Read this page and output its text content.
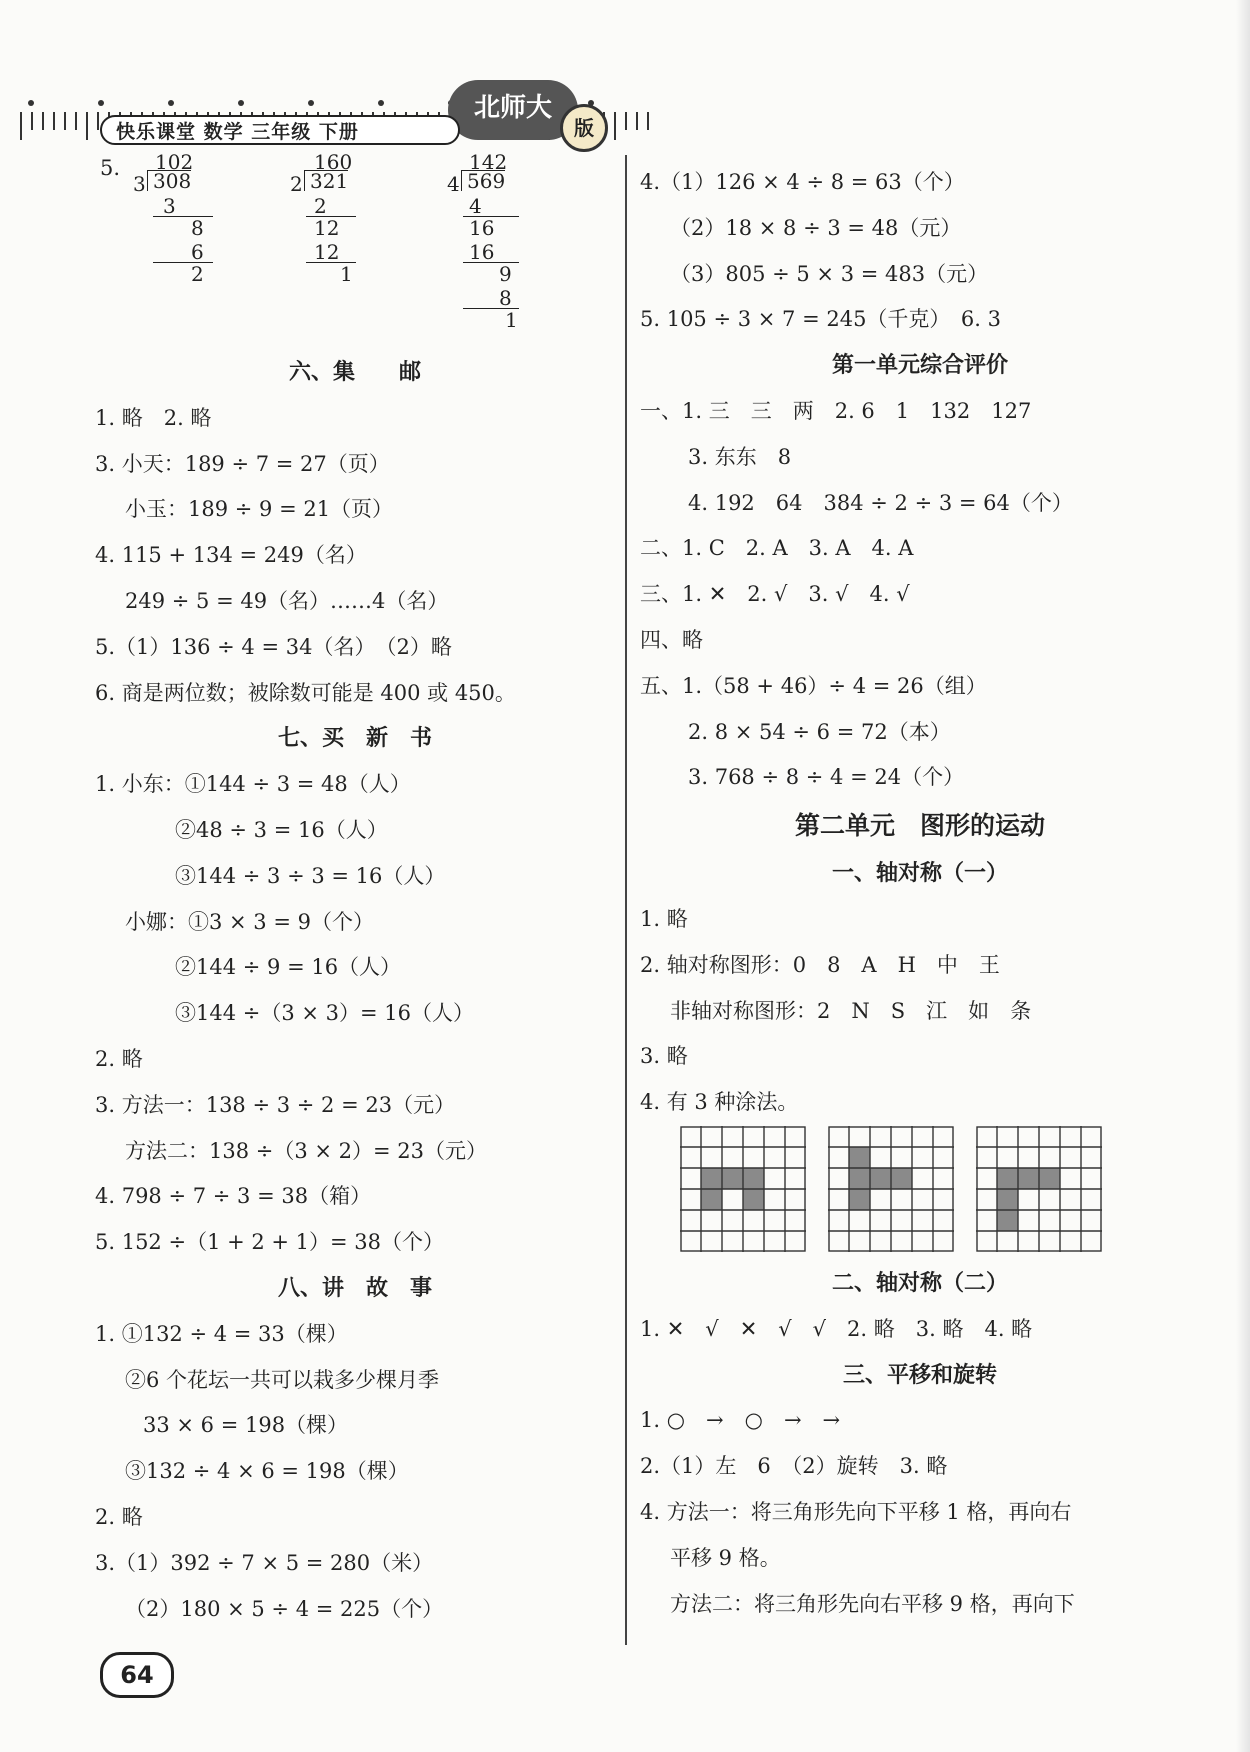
北师大
版
快乐课堂 数学 三年级 下册
5. 102
3 308
3
8
6
2
160
2 321
2
12
12
1
142
4 569
4
16
16
9
8
1
六、集　　邮
1. 略　2. 略
3. 小天：189 ÷ 7 = 27（页）
小玉：189 ÷ 9 = 21（页）
4. 115 + 134 = 249（名）
249 ÷ 5 = 49（名）……4（名）
5.（1）136 ÷ 4 = 34（名）　（2）略
6. 商是两位数；被除数可能是 400 或 450。
七、买　新　书
1. 小东：①144 ÷ 3 = 48（人）
②48 ÷ 3 = 16（人）
③144 ÷ 3 ÷ 3 = 16（人）
小娜：①3 × 3 = 9（个）
②144 ÷ 9 = 16（人）
③144 ÷（3 × 3）= 16（人）
2. 略
3. 方法一：138 ÷ 3 ÷ 2 = 23（元）
方法二：138 ÷（3 × 2）= 23（元）
4. 798 ÷ 7 ÷ 3 = 38（箱）
5. 152 ÷（1 + 2 + 1）= 38（个）
八、讲　故　事
1. ①132 ÷ 4 = 33（棵）
②6 个花坛一共可以栽多少棵月季
33 × 6 = 198（棵）
③132 ÷ 4 × 6 = 198（棵）
2. 略
3.（1）392 ÷ 7 × 5 = 280（米）
（2）180 × 5 ÷ 4 = 225（个）
4.（1）126 × 4 ÷ 8 = 63（个）
（2）18 × 8 ÷ 3 = 48（元）
（3）805 ÷ 5 × 3 = 483（元）
5. 105 ÷ 3 × 7 = 245（千克）　6. 3
第一单元综合评价
一、1. 三　三　两　2. 6　1　132　127
3. 东东　8
4. 192　64　384 ÷ 2 ÷ 3 = 64（个）
二、1. C　2. A　3. A　4. A
三、1. ✕　2. √　3. √　4. √
四、略
五、1.（58 + 46）÷ 4 = 26（组）
2. 8 × 54 ÷ 6 = 72（本）
3. 768 ÷ 8 ÷ 4 = 24（个）
第二单元　图形的运动
一、轴对称（一）
1. 略
2. 轴对称图形：0　8　A　H　中　王
非轴对称图形：2　N　S　江　如　条
3. 略
4. 有 3 种涂法。
二、轴对称（二）
1. ✕　√　✕　√　√　2. 略　3. 略　4. 略
三、平移和旋转
1. ○　→　○　→　→
2.（1）左　6　（2）旋转　3. 略
4. 方法一：将三角形先向下平移 1 格，再向右
平移 9 格。
方法二：将三角形先向右平移 9 格，再向下
64
